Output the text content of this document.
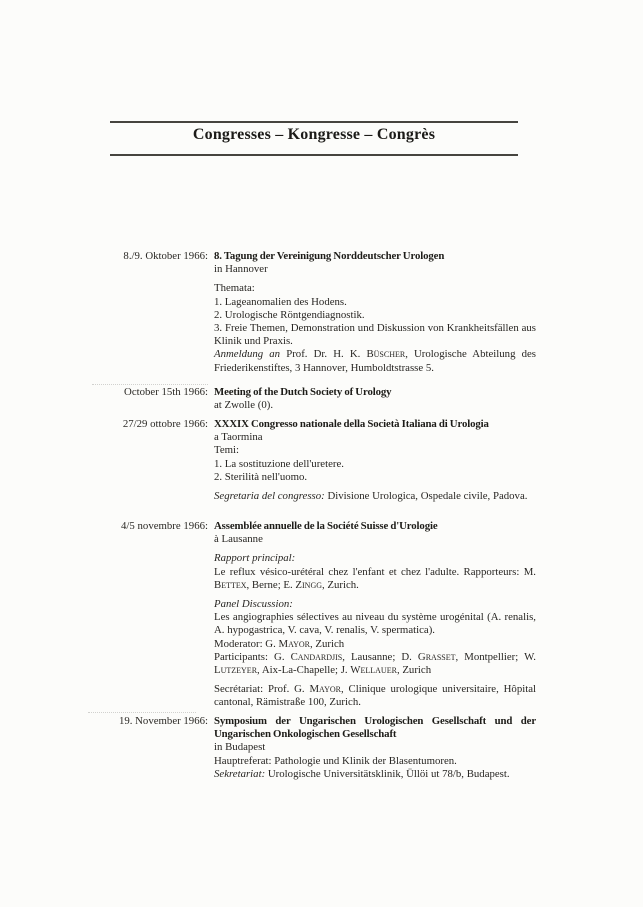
Congresses – Kongresse – Congrès
8./9. Oktober 1966: 8. Tagung der Vereinigung Norddeutscher Urologen

in Hannover

Themata:

1. Lageanomalien des Hodens.

2. Urologische Röntgendiagnostik.

3. Freie Themen, Demonstration und Diskussion von Krankheitsfällen aus Klinik und Praxis.

Anmeldung an Prof. Dr. H. K. Büscher, Urologische Abteilung des Friederikenstiftes, 3 Hannover, Humboldtstrasse 5.

October 15th 1966: Meeting of the Dutch Society of Urology

at Zwolle (0).

27/29 ottobre 1966: XXXIX Congresso nationale della Società Italiana di Urologia

a Taormina

Temi:

1. La sostituzione dell'uretere.

2. Sterilità nell'uomo.

Segretaria del congresso: Divisione Urologica, Ospedale civile, Padova.

4/5 novembre 1966: Assemblée annuelle de la Société Suisse d'Urologie

à Lausanne

Rapport principal:

Le reflux vésico-urétéral chez l'enfant et chez l'adulte. Rapporteurs: M. Bettex, Berne; E. Zingg, Zurich.

Panel Discussion:

Les angiographies sélectives au niveau du système urogénital (A. renalis, A. hypogastrica, V. cava, V. renalis, V. spermatica).

Moderator: G. Mayor, Zurich

Participants: G. Candardjis, Lausanne; D. Grasset, Montpellier; W. Lutzeyer, Aix-La-Chapelle; J. Wellauer, Zurich

Secrétariat: Prof. G. Mayor, Clinique urologique universitaire, Hôpital cantonal, Rämistraße 100, Zurich.

19. November 1966: Symposium der Ungarischen Urologischen Gesellschaft und der Ungarischen Onkologischen Gesellschaft

in Budapest

Hauptreferat: Pathologie und Klinik der Blasentumoren.

Sekretariat: Urologische Universitätsklinik, Üllöi ut 78/b, Budapest.
